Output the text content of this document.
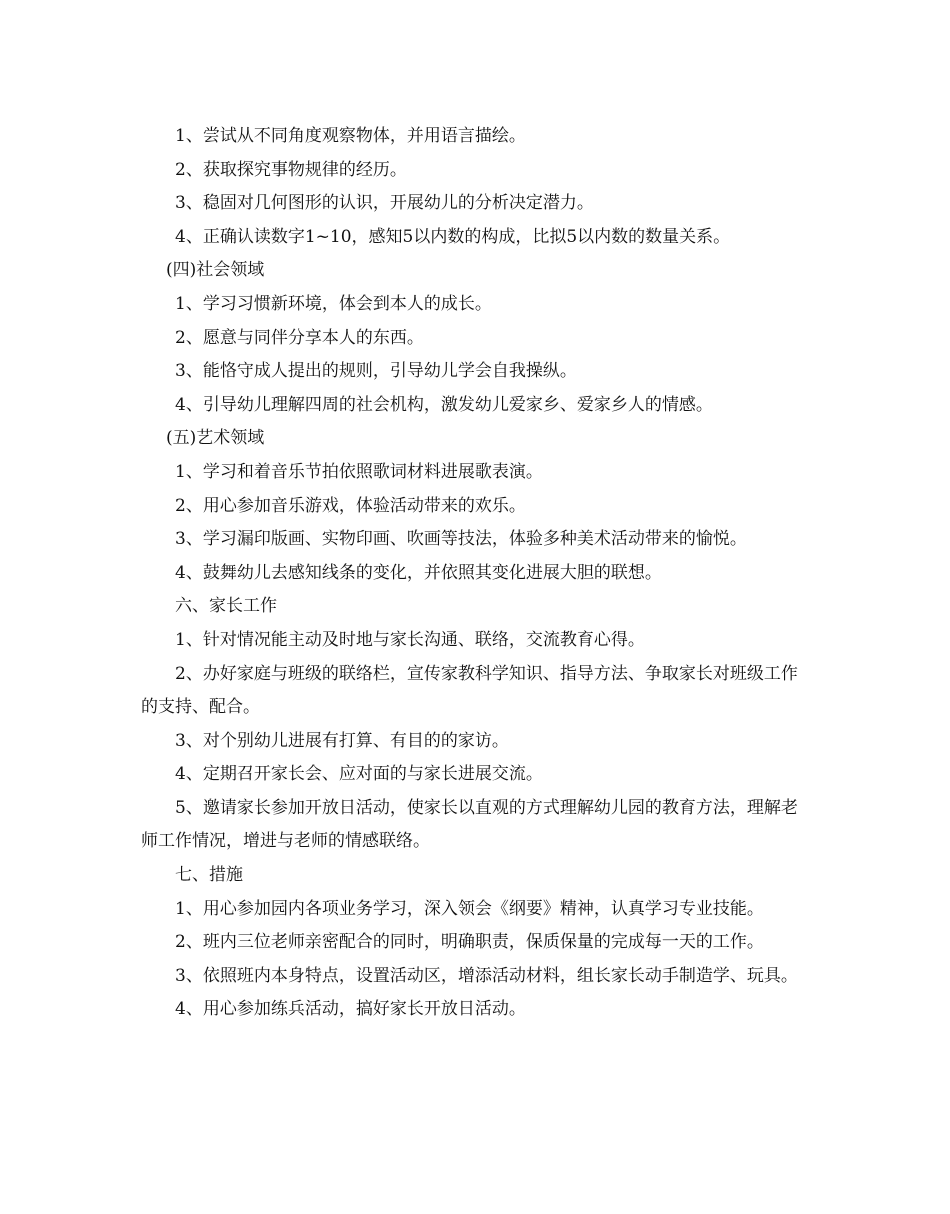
1、尝试从不同角度观察物体，并用语言描绘。

2、获取探究事物规律的经历。

3、稳固对几何图形的认识，开展幼儿的分析决定潜力。

4、正确认读数字1~10，感知5以内数的构成，比拟5以内数的数量关系。

(四)社会领域

1、学习习惯新环境，体会到本人的成长。

2、愿意与同伴分享本人的东西。

3、能恪守成人提出的规则，引导幼儿学会自我操纵。

4、引导幼儿理解四周的社会机构，激发幼儿爱家乡、爱家乡人的情感。

(五)艺术领域

1、学习和着音乐节拍依照歌词材料进展歌表演。

2、用心参加音乐游戏，体验活动带来的欢乐。

3、学习漏印版画、实物印画、吹画等技法，体验多种美术活动带来的愉悦。

4、鼓舞幼儿去感知线条的变化，并依照其变化进展大胆的联想。

六、家长工作

1、针对情况能主动及时地与家长沟通、联络，交流教育心得。

2、办好家庭与班级的联络栏，宣传家教科学知识、指导方法、争取家长对班级工作的支持、配合。

3、对个别幼儿进展有打算、有目的的家访。

4、定期召开家长会、应对面的与家长进展交流。

5、邀请家长参加开放日活动，使家长以直观的方式理解幼儿园的教育方法，理解老师工作情况，增进与老师的情感联络。

七、措施

1、用心参加园内各项业务学习，深入领会《纲要》精神，认真学习专业技能。

2、班内三位老师亲密配合的同时，明确职责，保质保量的完成每一天的工作。

3、依照班内本身特点，设置活动区，增添活动材料，组长家长动手制造学、玩具。

4、用心参加练兵活动，搞好家长开放日活动。
